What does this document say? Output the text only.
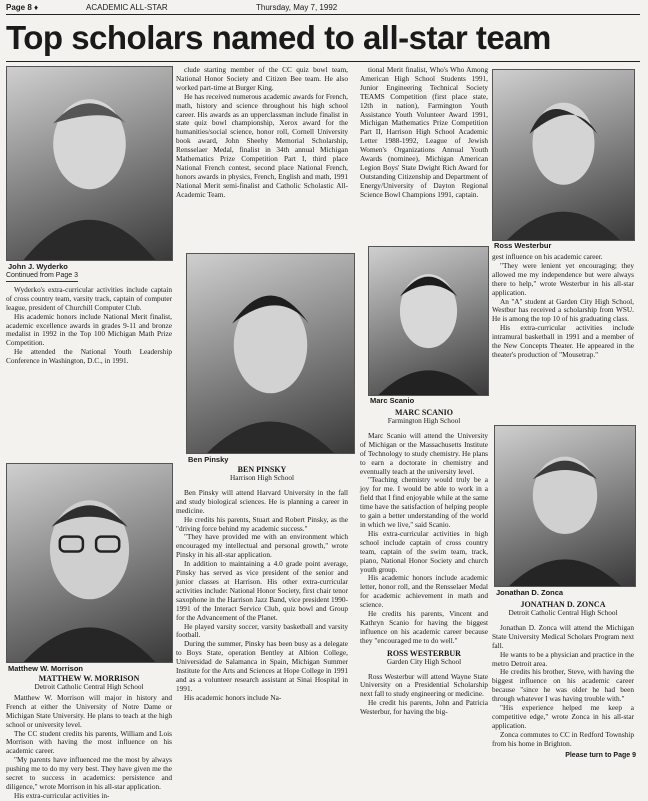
Page 8 ♦	ACADEMIC ALL-STAR	Thursday, May 7, 1992
Top scholars named to all-star team
John J. Wyderko
Matthew W. Morrison
Ben Pinsky
Marc Scanio
Ross Westerbur
Jonathan D. Zonca

Continued from Page 3

Wyderko's extra-curricular activities include captain of cross country team, varsity track, captain of computer league, president of Churchill Computer Club.

His academic honors include National Merit finalist, academic excellence awards in grades 9-11 and bronze medalist in 1992 in the Top 100 Michigan Math Prize Competition.

He attended the National Youth Leadership Conference in Washington, D.C., in 1991.

MATTHEW W. MORRISON

Detroit Catholic Central High School

Matthew W. Morrison will major in history and French at either the University of Notre Dame or Michigan State University. He plans to teach at the high school or university level.

The CC student credits his parents, William and Lois Morrison with having the most influence on his academic career.

"My parents have influenced me the most by always pushing me to do my very best. They have given me the secret to success in academics: persistence and diligence," wrote Morrison in his all-star application.

His extra-curricular activities in-

clude starting member of the CC quiz bowl team, National Honor Society and Citizen Bee team. He also worked part-time at Burger King.

He has received numerous academic awards for French, math, history and science throughout his high school career. His awards as an upperclassman include finalist in state quiz bowl championship, Xerox award for the humanities/social science, honor roll, Cornell University book award, John Sheehy Memorial Scholarship, Rensselaer Medal, finalist in 34th annual Michigan Mathematics Prize Competition Part I, third place National French contest, second place National French, honors awards in physics, French, English and math, 1991 National Merit semi-finalist and Catholic Scholastic All-Academic Team.

BEN PINSKY

Harrison High School

Ben Pinsky will attend Harvard University in the fall and study biological sciences. He is planning a career in medicine.

He credits his parents, Stuart and Robert Pinsky, as the "driving force behind my academic success."

"They have provided me with an environment which encouraged my intellectual and personal growth," wrote Pinsky in his all-star application.

In addition to maintaining a 4.0 grade point average, Pinsky has served as vice president of the senior and junior classes at Harrison. His other extra-curricular activities include: National Honor Society, first chair tenor saxophone in the Harrison Jazz Band, vice president 1990-1991 of the Interact Service Club, quiz bowl and Group for the Advancement of the Planet.

He played varsity soccer, varsity basketball and varsity football.

During the summer, Pinsky has been busy as a delegate to Boys State, operation Bentley at Albion College, Universidad de Salamanca in Spain, Michigan Summer Institute for the Arts and Sciences at Hope College in 1991 and as a volunteer research assistant at Sinai Hospital in 1991.

His academic honors include Na-

tional Merit finalist, Who's Who Among American High School Students 1991, Junior Engineering Technical Society TEAMS Competition (first place state, 12th in nation), Farmington Youth Assistance Youth Volunteer Award 1991, Michigan Mathematics Prize Competition Part II, Harrison High School Academic Letter 1988-1992, League of Jewish Women's Organizations Annual Youth Awards (nominee), Michigan American Legion Boys' State Dwight Rich Award for Outstanding Citizenship and Department of Energy/University of Dayton Regional Science Bowl Champions 1991, captain.

MARC SCANIO

Farmington High School

Marc Scanio will attend the University of Michigan or the Massachusetts Institute of Technology to study chemistry. He plans to earn a doctorate in chemistry and eventually teach at the university level.

"Teaching chemistry would truly be a joy for me. I would be able to work in a field that I find enjoyable while at the same time have the satisfaction of helping people to gain a better understanding of the world in which we live," said Scanio.

His extra-curricular activities in high school include captain of cross country team, captain of the swim team, track, piano, National Honor Society and church youth group.

His academic honors include academic letter, honor roll, and the Rensselaer Medal for academic achievement in math and science.

He credits his parents, Vincent and Kathryn Scanio for having the biggest influence on his academic career because they "encouraged me to do well."

ROSS WESTERBUR

Garden City High School

Ross Westerbur will attend Wayne State University on a Presidential Scholarship next fall to study engineering or medicine.

He credit his parents, John and Patricia Westerbur, for having the big-

gest influence on his academic career.

"They were lenient yet encouraging; they allowed me my independence but were always there to help," wrote Westerbur in his all-star application.

An "A" student at Garden City High School, Westbur has received a scholarship from WSU. He is among the top 10 of his graduating class.

His extra-curricular activities include intramural basketball in 1991 and a member of the New Concepts Theater. He appeared in the theater's production of "Mousetrap."

JONATHAN D. ZONCA

Detroit Catholic Central High School

Jonathan D. Zonca will attend the Michigan State University Medical Scholars Program next fall.

He wants to be a physician and practice in the metro Detroit area.

He credits his brother, Steve, with having the biggest influence on his academic career because "since he was older he had been through whatever I was having trouble with."

"His experience helped me keep a competitive edge," wrote Zonca in his all-star application.

Zonca commutes to CC in Redford Township from his home in Brighton.

Please turn to Page 9
